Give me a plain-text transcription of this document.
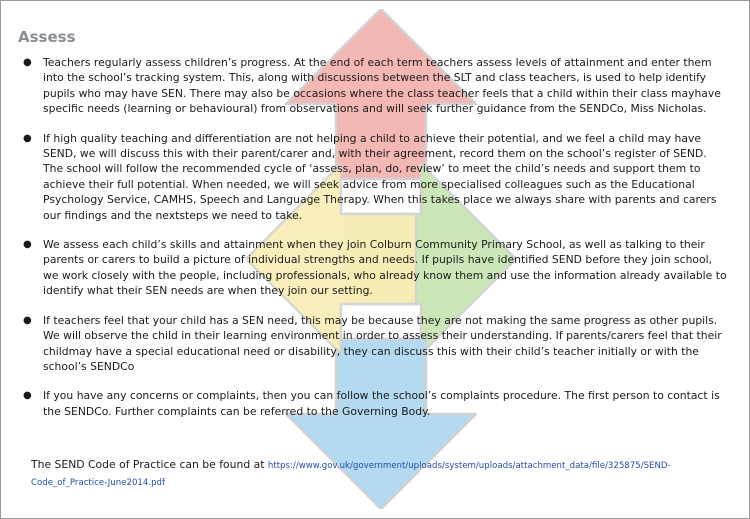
Assess
● Teachers regularly assess children’s progress. At the end of each term teachers assess levels of attainment and enter them into the school’s tracking system. This, along with discussions between the SLT and class teachers, is used to help identify pupils who may have SEN. There may also be occasions where the class teacher feels that a child within their class mayhave specific needs (learning or behavioural) from observations and will seek further guidance from the SENDCo, Miss Nicholas.
● If high quality teaching and differentiation are not helping a child to achieve their potential, and we feel a child may have SEND, we will discuss this with their parent/carer and, with their agreement, record them on the school’s register of SEND. The school will follow the recommended cycle of ‘assess, plan, do, review’ to meet the child’s needs and support them to achieve their full potential. When needed, we will seek advice from more specialised colleagues such as the Educational Psychology Service, CAMHS, Speech and Language Therapy. When this takes place we always share with parents and carers our findings and the nextsteps we need to take.
● We assess each child’s skills and attainment when they join Colburn Community Primary School, as well as talking to their parents or carers to build a picture of individual strengths and needs. If pupils have identified SEND before they join school, we work closely with the people, including professionals, who already know them and use the information already available to identify what their SEN needs are when they join our setting.
● If teachers feel that your child has a SEN need, this may be because they are not making the same progress as other pupils. We will observe the child in their learning environment in order to assess their understanding. If parents/carers feel that their childmay have a special educational need or disability, they can discuss this with their child’s teacher initially or with the school’s SENDCo
● If you have any concerns or complaints, then you can follow the school’s complaints procedure. The first person to contact is the SENDCo. Further complaints can be referred to the Governing Body.
The SEND Code of Practice can be found at https://www.gov.uk/government/uploads/system/uploads/attachment_data/file/325875/SEND-Code_of_Practice-June2014.pdf
